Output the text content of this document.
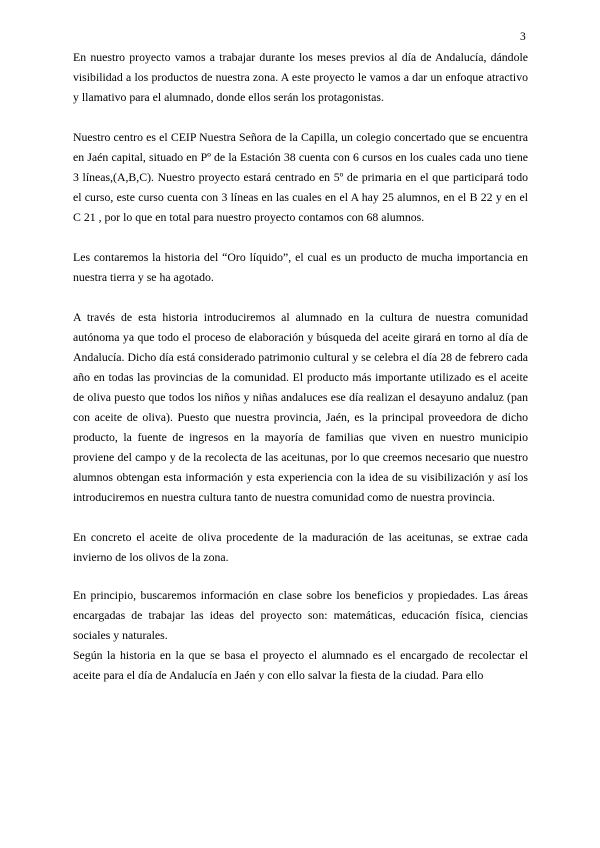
3

En nuestro proyecto vamos a trabajar durante los meses previos al día de Andalucía, dándole visibilidad a los productos de nuestra zona. A este proyecto le vamos a dar un enfoque atractivo y llamativo para el alumnado, donde ellos serán los protagonistas.

Nuestro centro es el CEIP Nuestra Señora de la Capilla, un colegio concertado que se encuentra en Jaén capital, situado en Pº de la Estación 38 cuenta con 6 cursos en los cuales cada uno tiene 3 líneas,(A,B,C). Nuestro proyecto estará centrado en 5º de primaria en el que participará todo el curso, este curso cuenta con 3 líneas en las cuales en el A hay 25 alumnos, en el B 22 y en el C 21 , por lo que en total para nuestro proyecto contamos con 68 alumnos.

Les contaremos la historia del “Oro líquido”, el cual es un producto de mucha importancia en nuestra tierra y se ha agotado.

A través de esta historia introduciremos al alumnado en la cultura de nuestra comunidad autónoma ya que todo el proceso de elaboración y búsqueda del aceite girará en torno al día de Andalucía. Dicho día está considerado patrimonio cultural y se celebra el día 28 de febrero cada año en todas las provincias de la comunidad. El producto más importante utilizado es el aceite de oliva puesto que todos los niños y niñas andaluces ese día realizan el desayuno andaluz (pan con aceite de oliva). Puesto que nuestra provincia, Jaén, es la principal proveedora de dicho producto, la fuente de ingresos en la mayoría de familias que viven en nuestro municipio proviene del campo y de la recolecta de las aceitunas, por lo que creemos necesario que nuestro alumnos obtengan esta información y esta experiencia con la idea de su visibilización y así los introduciremos en nuestra cultura tanto de nuestra comunidad como de nuestra provincia.

En concreto el aceite de oliva procedente de la maduración de las aceitunas, se extrae cada invierno de los olivos de la zona.

En principio, buscaremos información en clase sobre los beneficios y propiedades. Las áreas encargadas de trabajar las ideas del proyecto son: matemáticas, educación física, ciencias sociales y naturales.

Según la historia en la que se basa el proyecto el alumnado es el encargado de recolectar el aceite para el día de Andalucía en Jaén y con ello salvar la fiesta de la ciudad. Para ello
